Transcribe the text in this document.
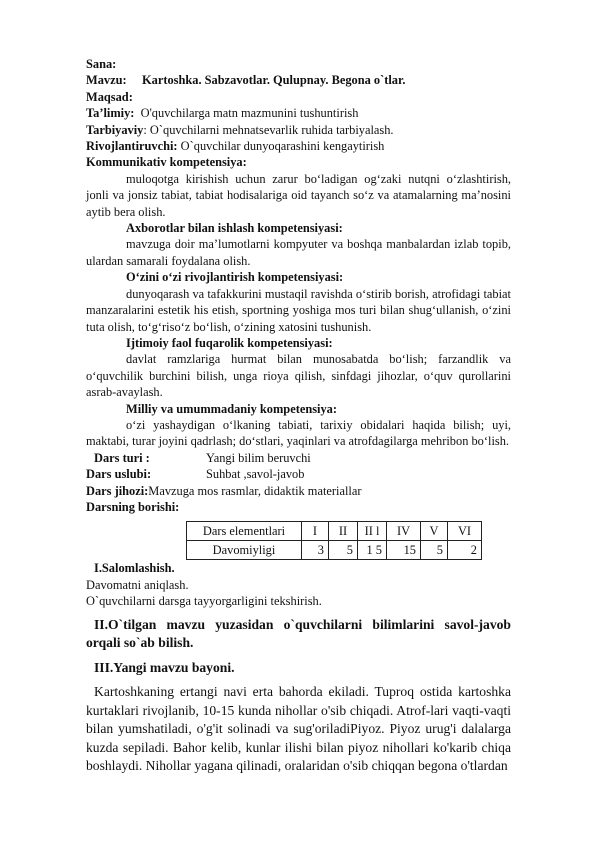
Sana:
Mavzu: Kartoshka. Sabzavotlar. Qulupnay. Begona o`tlar.
Maqsad:
Ta’limiy: O'quvchilarga matn mazmunini tushuntirish
Tarbiyaviy: O`quvchilarni mehnatsevarlik ruhida tarbiyalash.
Rivojlantiruvchi: O`quvchilar dunyoqarashini kengaytirish
Kommunikativ kompetensiya:
muloqotga kirishish uchun zarur bo‘ladigan og‘zaki nutqni o‘zlashtirish, jonli va jonsiz tabiat, tabiat hodisalariga oid tayanch so‘z va atamalarning ma’nosini aytib bera olish.
Axborotlar bilan ishlash kompetensiyasi:
mavzuga doir ma’lumotlarni kompyuter va boshqa manbalardan izlab topib, ulardan samarali foydalana olish.
O‘zini o‘zi rivojlantirish kompetensiyasi:
dunyoqarash va tafakkurini mustaqil ravishda o‘stirib borish, atrofidagi tabiat manzaralarini estetik his etish, sportning yoshiga mos turi bilan shug‘ullanish, o‘zini tuta olish, to‘g‘riso‘z bo‘lish, o‘zining xatosini tushunish.
Ijtimoiy faol fuqarolik kompetensiyasi:
davlat ramzlariga hurmat bilan munosabatda bo‘lish; farzandlik va o‘quvchilik burchini bilish, unga rioya qilish, sinfdagi jihozlar, o‘quv qurollarini asrab-avaylash.
Milliy va umummadaniy kompetensiya:
o‘zi yashaydigan o‘lkaning tabiati, tarixiy obidalari haqida bilish; uyi, maktabi, turar joyini qadrlash; do‘stlari, yaqinlari va atrofdagilarga mehribon bo‘lish.
Dars turi :	Yangi bilim beruvchi
Dars uslubi:	Suhbat ,savol-javob
Dars jihozi:Mavzuga mos rasmlar, didaktik materiallar
Darsning borishi:
Dars elementlari	I	II	II l	IV	V	VI
Davomiyligi	3	5	1 5	15	5	2
I.Salomlashish.
Davomatni aniqlash.
O`quvchilarni darsga tayyorgarligini tekshirish.
II.O`tilgan mavzu yuzasidan o`quvchilarni bilimlarini savol-javob orqali so`ab bilish.
III.Yangi mavzu bayoni.
Kartoshkaning ertangi navi erta bahorda ekiladi. Tuproq ostida kartoshka kurtaklari rivojlanib, 10-15 kunda nihollar o'sib chiqadi. Atrof-lari vaqti-vaqti bilan yumshatiladi, o'g'it solinadi va sug'oriladiPiyoz. Piyoz urug'i dalalarga kuzda sepiladi. Bahor kelib, kunlar ilishi bilan piyoz nihollari ko'karib chiqa boshlaydi. Nihollar yagana qilinadi, oralaridan o'sib chiqqan begona o'tlardan
